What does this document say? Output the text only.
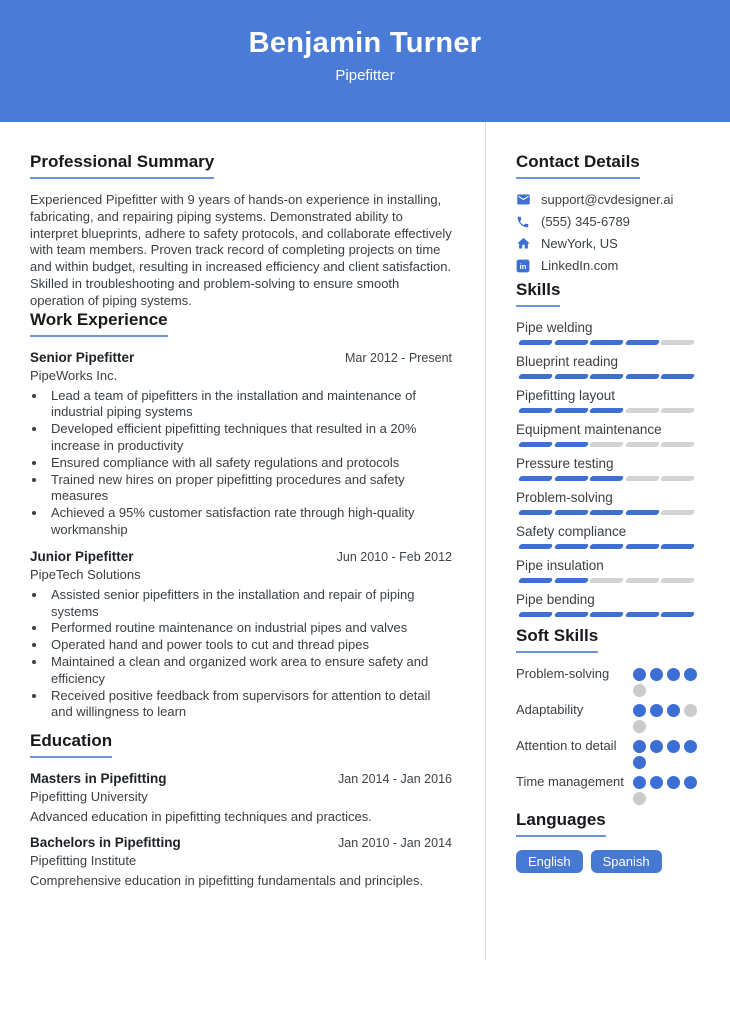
Benjamin Turner
Pipefitter
Professional Summary

Experienced Pipefitter with 9 years of hands-on experience in installing, fabricating, and repairing piping systems. Demonstrated ability to interpret blueprints, adhere to safety protocols, and collaborate effectively with team members. Proven track record of completing projects on time and within budget, resulting in increased efficiency and client satisfaction. Skilled in troubleshooting and problem-solving to ensure smooth operation of piping systems.

Work Experience
Senior Pipefitter	Mar 2012 - Present
PipeWorks Inc.
• Lead a team of pipefitters in the installation and maintenance of industrial piping systems
• Developed efficient pipefitting techniques that resulted in a 20% increase in productivity
• Ensured compliance with all safety regulations and protocols
• Trained new hires on proper pipefitting procedures and safety measures
• Achieved a 95% customer satisfaction rate through high-quality workmanship
Junior Pipefitter	Jun 2010 - Feb 2012
PipeTech Solutions
• Assisted senior pipefitters in the installation and repair of piping systems
• Performed routine maintenance on industrial pipes and valves
• Operated hand and power tools to cut and thread pipes
• Maintained a clean and organized work area to ensure safety and efficiency
• Received positive feedback from supervisors for attention to detail and willingness to learn
Education
Masters in Pipefitting	Jan 2014 - Jan 2016
Pipefitting University
Advanced education in pipefitting techniques and practices.
Bachelors in Pipefitting	Jan 2010 - Jan 2014
Pipefitting Institute
Comprehensive education in pipefitting fundamentals and principles.
Contact Details
support@cvdesigner.ai
(555) 345-6789
NewYork, US
in LinkedIn.com
Skills
Pipe welding
Blueprint reading
Pipefitting layout
Equipment maintenance
Pressure testing
Problem-solving
Safety compliance
Pipe insulation
Pipe bending
Soft Skills
Problem-solving
Adaptability
Attention to detail
Time management
Languages
English	Spanish
